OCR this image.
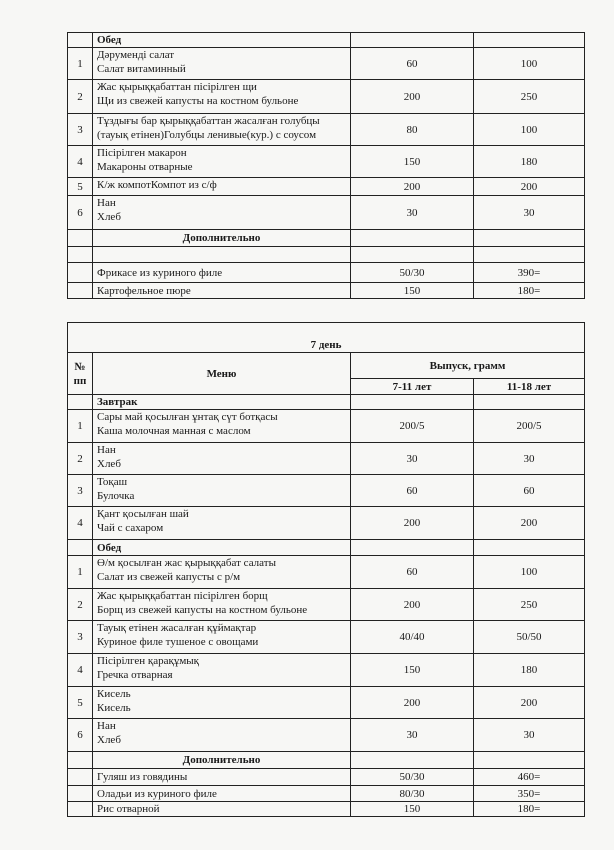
	Обед		
1	Дәруменді салат
Салат витаминный	60	100
2	Жас қырыққабаттан пісірілген щи
Щи из свежей капусты на костном бульоне	200	250
3	Тұздығы бар қырыққабаттан жасалған голубцы
(тауық етінен)Голубцы ленивые(кур.) с соусом	80	100
4	Пісірілген макарон
Макароны отварные	150	180
5	К/ж компотКомпот из с/ф	200	200
6	Нан
Хлеб	30	30
	Дополнительно		

	Фрикасе из куриного филе	50/30	390=
	Картофельное пюре	150	180=
7 день			
№ пп	Меню	Выпуск, грамм	
		7-11 лет	11-18 лет
	Завтрак		
1	Сары май қосылған ұнтақ сүт ботқасы
Каша молочная манная с маслом	200/5	200/5
2	Нан
Хлеб	30	30
3	Тоқаш
Булочка	60	60
4	Қант қосылған шай
Чай с сахаром	200	200
	Обед		
1	Ө/м қосылған жас қырыққабат салаты
Салат из свежей капусты с р/м	60	100
2	Жас қырыққабаттан пісірілген борщ
Борщ из свежей капусты на костном бульоне	200	250
3	Тауық етінен жасалған құймақтар
Куриное филе тушеное с овощами	40/40	50/50
4	Пісірілген қарақұмық
Гречка отварная	150	180
5	Кисель
Кисель	200	200
6	Нан
Хлеб	30	30
	Дополнительно		
	Гуляш из говядины	50/30	460=
	Оладьи из куриного филе	80/30	350=
	Рис отварной	150	180=
